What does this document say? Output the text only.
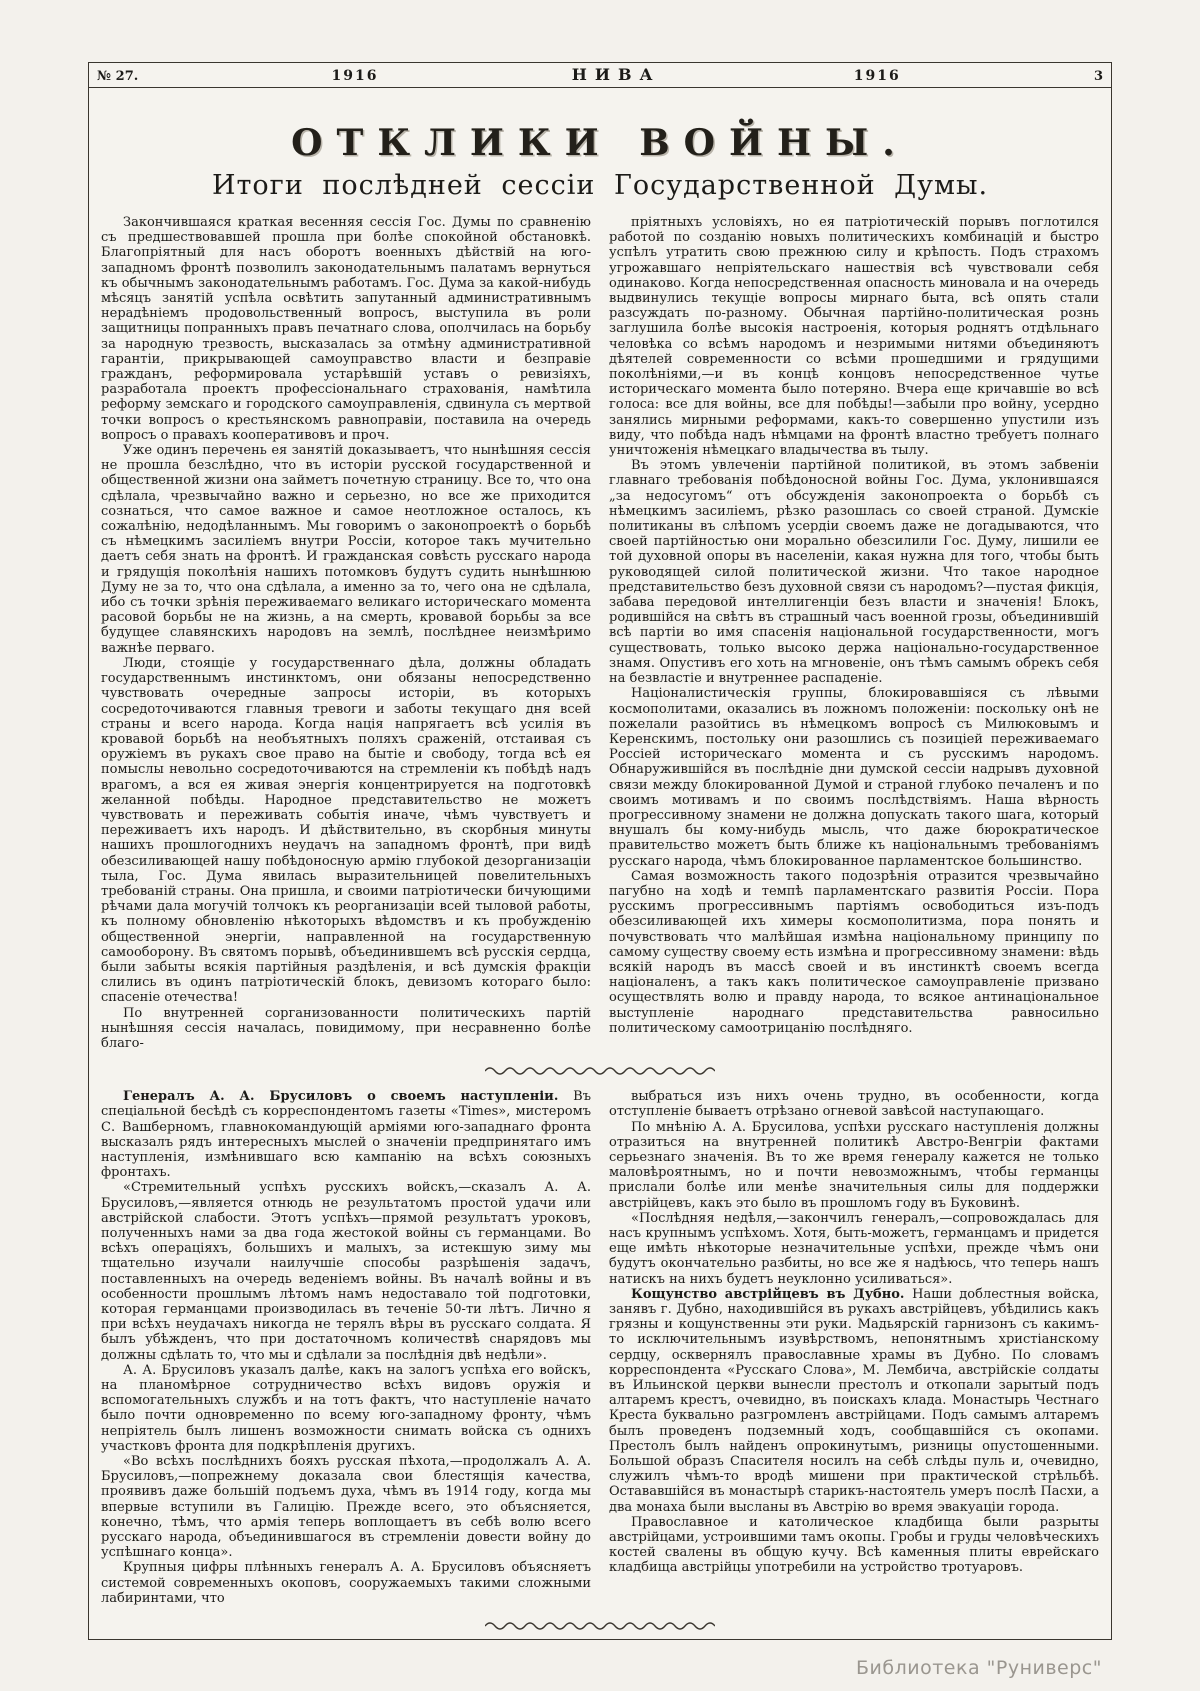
№ 27.	1916	НИВА	1916	3
ОТКЛИКИ ВОЙНЫ.
Итоги послѣдней сессіи Государственной Думы.

Закончившаяся краткая весенняя сессія Гос. Думы по сравненію съ предшествовавшей прошла при болѣе спокойной обстановкѣ. Благопріятный для насъ оборотъ военныхъ дѣйствій на юго-западномъ фронтѣ позволилъ законодательнымъ палатамъ вернуться къ обычнымъ законодательнымъ работамъ. Гос. Дума за какой-нибудь мѣсяцъ занятій успѣла освѣтить запутанный административнымъ нерадѣніемъ продовольственный вопросъ, выступила въ роли защитницы попранныхъ правъ печатнаго слова, ополчилась на борьбу за народную трезвость, высказалась за отмѣну административной гарантіи, прикрывающей самоуправство власти и безправіе гражданъ, реформировала устарѣвшій уставъ о ревизіяхъ, разработала проектъ профессіональнаго страхованія, намѣтила реформу земскаго и городского самоуправленія, сдвинула съ мертвой точки вопросъ о крестьянскомъ равноправіи, поставила на очередь вопросъ о правахъ кооперативовъ и проч.

Уже одинъ перечень ея занятій доказываетъ, что нынѣшняя сессія не прошла безслѣдно, что въ исторіи русской государственной и общественной жизни она займетъ почетную страницу. Все то, что она сдѣлала, чрезвычайно важно и серьезно, но все же приходится сознаться, что самое важное и самое неотложное осталось, къ сожалѣнію, недодѣланнымъ. Мы говоримъ о законопроектѣ о борьбѣ съ нѣмецкимъ засиліемъ внутри Россіи, которое такъ мучительно даетъ себя знать на фронтѣ. И гражданская совѣсть русскаго народа и грядущія поколѣнія нашихъ потомковъ будутъ судить нынѣшнюю Думу не за то, что она сдѣлала, а именно за то, чего она не сдѣлала, ибо съ точки зрѣнія переживаемаго великаго историческаго момента расовой борьбы не на жизнь, а на смерть, кровавой борьбы за все будущее славянскихъ народовъ на землѣ, послѣднее неизмѣримо важнѣе перваго.

Люди, стоящіе у государственнаго дѣла, должны обладать государственнымъ инстинктомъ, они обязаны непосредственно чувствовать очередные запросы исторіи, въ которыхъ сосредоточиваются главныя тревоги и заботы текущаго дня всей страны и всего народа. Когда нація напрягаетъ всѣ усилія въ кровавой борьбѣ на необъятныхъ поляхъ сраженій, отстаивая съ оружіемъ въ рукахъ свое право на бытіе и свободу, тогда всѣ ея помыслы невольно сосредоточиваются на стремленіи къ побѣдѣ надъ врагомъ, а вся ея живая энергія концентрируется на подготовкѣ желанной побѣды. Народное представительство не можетъ чувствовать и переживать событія иначе, чѣмъ чувствуетъ и переживаетъ ихъ народъ. И дѣйствительно, въ скорбныя минуты нашихъ прошлогоднихъ неудачъ на западномъ фронтѣ, при видѣ обезсиливающей нашу побѣдоносную армію глубокой дезорганизаціи тыла, Гос. Дума явилась выразительницей повелительныхъ требованій страны. Она пришла, и своими патріотически бичующими рѣчами дала могучій толчокъ къ реорганизаціи всей тыловой работы, къ полному обновленію нѣкоторыхъ вѣдомствъ и къ пробужденію общественной энергіи, направленной на государственную самооборону. Въ святомъ порывѣ, объединившемъ всѣ русскія сердца, были забыты всякія партійныя раздѣленія, и всѣ думскія фракціи слились въ одинъ патріотическій блокъ, девизомъ котораго было: спасеніе отечества!

По внутренней сорганизованности политическихъ партій нынѣшняя сессія началась, повидимому, при несравненно болѣе благо-

пріятныхъ условіяхъ, но ея патріотическій порывъ поглотился работой по созданію новыхъ политическихъ комбинацій и быстро успѣлъ утратить свою прежнюю силу и крѣпость. Подъ страхомъ угрожавшаго непріятельскаго нашествія всѣ чувствовали себя одинаково. Когда непосредственная опасность миновала и на очередь выдвинулись текущіе вопросы мирнаго быта, всѣ опять стали разсуждать по-разному. Обычная партійно-политическая рознь заглушила болѣе высокія настроенія, которыя роднятъ отдѣльнаго человѣка со всѣмъ народомъ и незримыми нитями объединяютъ дѣятелей современности со всѣми прошедшими и грядущими поколѣніями,—и въ концѣ концовъ непосредственное чутье историческаго момента было потеряно. Вчера еще кричавшіе во всѣ голоса: все для войны, все для побѣды!—забыли про войну, усердно занялись мирными реформами, какъ-то совершенно упустили изъ виду, что побѣда надъ нѣмцами на фронтѣ властно требуетъ полнаго уничтоженія нѣмецкаго владычества въ тылу.

Въ этомъ увлеченіи партійной политикой, въ этомъ забвеніи главнаго требованія побѣдоносной войны Гос. Дума, уклонившаяся „за недосугомъ“ отъ обсужденія законопроекта о борьбѣ съ нѣмецкимъ засиліемъ, рѣзко разошлась со своей страной. Думскіе политиканы въ слѣпомъ усердіи своемъ даже не догадываются, что своей партійностью они морально обезсилили Гос. Думу, лишили ее той духовной опоры въ населеніи, какая нужна для того, чтобы быть руководящей силой политической жизни. Что такое народное представительство безъ духовной связи съ народомъ?—пустая фикція, забава передовой интеллигенціи безъ власти и значенія! Блокъ, родившійся на свѣтъ въ страшный часъ военной грозы, объединившій всѣ партіи во имя спасенія національной государственности, могъ существовать, только высоко держа національно-государственное знамя. Опустивъ его хоть на мгновеніе, онъ тѣмъ самымъ обрекъ себя на безвластіе и внутреннее распаденіе.

Націоналистическія группы, блокировавшіяся съ лѣвыми космополитами, оказались въ ложномъ положеніи: поскольку онѣ не пожелали разойтись въ нѣмецкомъ вопросѣ съ Милюковымъ и Керенскимъ, постольку они разошлись съ позиціей переживаемаго Россіей историческаго момента и съ русскимъ народомъ. Обнаружившійся въ послѣдніе дни думской сессіи надрывъ духовной связи между блокированной Думой и страной глубоко печаленъ и по своимъ мотивамъ и по своимъ послѣдствіямъ. Наша вѣрность прогрессивному знамени не должна допускать такого шага, который внушалъ бы кому-нибудь мысль, что даже бюрократическое правительство можетъ быть ближе къ національнымъ требованіямъ русскаго народа, чѣмъ блокированное парламентское большинство.

Самая возможность такого подозрѣнія отразится чрезвычайно пагубно на ходѣ и темпѣ парламентскаго развитія Россіи. Пора русскимъ прогрессивнымъ партіямъ освободиться изъ-подъ обезсиливающей ихъ химеры космополитизма, пора понять и почувствовать что малѣйшая измѣна національному принципу по самому существу своему есть измѣна и прогрессивному знамени: вѣдь всякій народъ въ массѣ своей и въ инстинктѣ своемъ всегда націоналенъ, а такъ какъ политическое самоуправленіе призвано осуществлять волю и правду народа, то всякое антинаціональное выступленіе народнаго представительства равносильно политическому самоотрицанію послѣдняго.

Генералъ А. А. Брусиловъ о своемъ наступленіи. Въ спеціальной бесѣдѣ съ корреспондентомъ газеты «Times», мистеромъ С. Вашберномъ, главнокомандующій арміями юго-западнаго фронта высказалъ рядъ интересныхъ мыслей о значеніи предпринятаго имъ наступленія, измѣнившаго всю кампанію на всѣхъ союзныхъ фронтахъ.

«Стремительный успѣхъ русскихъ войскъ,—сказалъ А. А. Брусиловъ,—является отнюдь не результатомъ простой удачи или австрійской слабости. Этотъ успѣхъ—прямой результатъ уроковъ, полученныхъ нами за два года жестокой войны съ германцами. Во всѣхъ операціяхъ, большихъ и малыхъ, за истекшую зиму мы тщательно изучали наилучшіе способы разрѣшенія задачъ, поставленныхъ на очередь веденіемъ войны. Въ началѣ войны и въ особенности прошлымъ лѣтомъ намъ недоставало той подготовки, которая германцами производилась въ теченіе 50-ти лѣтъ. Лично я при всѣхъ неудачахъ никогда не терялъ вѣры въ русскаго солдата. Я былъ убѣжденъ, что при достаточномъ количествѣ снарядовъ мы должны сдѣлать то, что мы и сдѣлали за послѣднія двѣ недѣли».

А. А. Брусиловъ указалъ далѣе, какъ на залогъ успѣха его войскъ, на планомѣрное сотрудничество всѣхъ видовъ оружія и вспомогательныхъ службъ и на тотъ фактъ, что наступленіе начато было почти одновременно по всему юго-западному фронту, чѣмъ непріятель былъ лишенъ возможности снимать войска съ однихъ участковъ фронта для подкрѣпленія другихъ.

«Во всѣхъ послѣднихъ бояхъ русская пѣхота,—продолжалъ А. А. Брусиловъ,—попрежнему доказала свои блестящія качества, проявивъ даже большій подъемъ духа, чѣмъ въ 1914 году, когда мы впервые вступили въ Галицію. Прежде всего, это объясняется, конечно, тѣмъ, что армія теперь воплощаетъ въ себѣ волю всего русскаго народа, объединившагося въ стремленіи довести войну до успѣшнаго конца».

Крупныя цифры плѣнныхъ генералъ А. А. Брусиловъ объясняетъ системой современныхъ окоповъ, сооружаемыхъ такими сложными лабиринтами, что

выбраться изъ нихъ очень трудно, въ особенности, когда отступленіе бываетъ отрѣзано огневой завѣсой наступающаго.

По мнѣнію А. А. Брусилова, успѣхи русскаго наступленія должны отразиться на внутренней политикѣ Австро-Венгріи фактами серьезнаго значенія. Въ то же время генералу кажется не только маловѣроятнымъ, но и почти невозможнымъ, чтобы германцы прислали болѣе или менѣе значительныя силы для поддержки австрійцевъ, какъ это было въ прошломъ году въ Буковинѣ.

«Послѣдняя недѣля,—закончилъ генералъ,—сопровождалась для насъ крупнымъ успѣхомъ. Хотя, быть-можетъ, германцамъ и придется еще имѣть нѣкоторые незначительные успѣхи, прежде чѣмъ они будутъ окончательно разбиты, но все же я надѣюсь, что теперь нашъ натискъ на нихъ будетъ неуклонно усиливаться».

Кощунство австрійцевъ въ Дубно. Наши доблестныя войска, занявъ г. Дубно, находившійся въ рукахъ австрійцевъ, убѣдились какъ грязны и кощунственны эти руки. Мадьярскій гарнизонъ съ какимъ-то исключительнымъ изувѣрствомъ, непонятнымъ христіанскому сердцу, осквернялъ православные храмы въ Дубно. По словамъ корреспондента «Русскаго Слова», М. Лембича, австрійскіе солдаты въ Ильинской церкви вынесли престолъ и откопали зарытый подъ алтаремъ крестъ, очевидно, въ поискахъ клада. Монастырь Честнаго Креста буквально разгромленъ австрійцами. Подъ самымъ алтаремъ былъ проведенъ подземный ходъ, сообщавшійся съ окопами. Престолъ былъ найденъ опрокинутымъ, ризницы опустошенными. Большой образъ Спасителя носилъ на себѣ слѣды пуль и, очевидно, служилъ чѣмъ-то вродѣ мишени при практической стрѣльбѣ. Остававшійся въ монастырѣ старикъ-настоятель умеръ послѣ Пасхи, а два монаха были высланы въ Австрію во время эвакуаціи города.

Православное и католическое кладбища были разрыты австрійцами, устроившими тамъ окопы. Гробы и груды человѣческихъ костей свалены въ общую кучу. Всѣ каменныя плиты еврейскаго кладбища австрійцы употребили на устройство тротуаровъ.

Библиотека "Руниверс"
